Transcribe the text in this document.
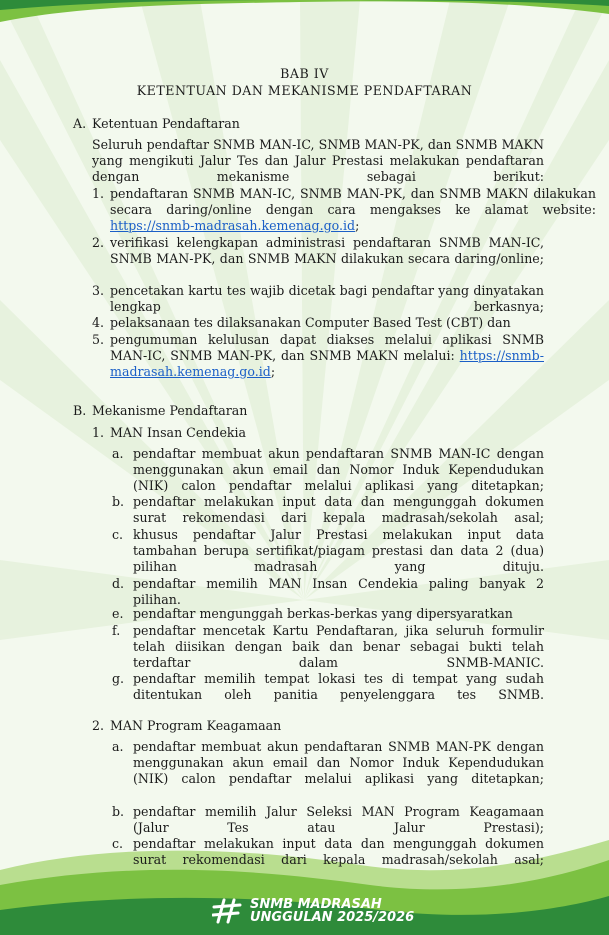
BAB IV
KETENTUAN DAN MEKANISME PENDAFTARAN
A. Ketentuan Pendaftaran
Seluruh pendaftar SNMB MAN-IC, SNMB MAN-PK, dan SNMB MAKN yang mengikuti Jalur Tes dan Jalur Prestasi melakukan pendaftaran dengan mekanisme sebagai berikut:
1. pendaftaran SNMB MAN-IC, SNMB MAN-PK, dan SNMB MAKN dilakukan secara daring/online dengan cara mengakses ke alamat website: https://snmb-madrasah.kemenag.go.id;
2. verifikasi kelengkapan administrasi pendaftaran SNMB MAN-IC, SNMB MAN-PK, dan SNMB MAKN dilakukan secara daring/online;
3. pencetakan kartu tes wajib dicetak bagi pendaftar yang dinyatakan lengkap berkasnya;
4. pelaksanaan tes dilaksanakan Computer Based Test (CBT) dan
5. pengumuman kelulusan dapat diakses melalui aplikasi SNMB MAN-IC, SNMB MAN-PK, dan SNMB MAKN melalui: https://snmb-madrasah.kemenag.go.id;
B. Mekanisme Pendaftaran
1. MAN Insan Cendekia
a. pendaftar membuat akun pendaftaran SNMB MAN-IC dengan menggunakan akun email dan Nomor Induk Kependudukan (NIK) calon pendaftar melalui aplikasi yang ditetapkan;
b. pendaftar melakukan input data dan mengunggah dokumen surat rekomendasi dari kepala madrasah/sekolah asal;
c. khusus pendaftar Jalur Prestasi melakukan input data tambahan berupa sertifikat/piagam prestasi dan data 2 (dua) pilihan madrasah yang dituju.
d. pendaftar memilih MAN Insan Cendekia paling banyak 2 pilihan.
e. pendaftar mengunggah berkas-berkas yang dipersyaratkan
f. pendaftar mencetak Kartu Pendaftaran, jika seluruh formulir telah diisikan dengan baik dan benar sebagai bukti telah terdaftar dalam SNMB-MANIC.
g. pendaftar memilih tempat lokasi tes di tempat yang sudah ditentukan oleh panitia penyelenggara tes SNMB.
2. MAN Program Keagamaan
a. pendaftar membuat akun pendaftaran SNMB MAN-PK dengan menggunakan akun email dan Nomor Induk Kependudukan (NIK) calon pendaftar melalui aplikasi yang ditetapkan;
b. pendaftar memilih Jalur Seleksi MAN Program Keagamaan (Jalur Tes atau Jalur Prestasi);
c. pendaftar melakukan input data dan mengunggah dokumen surat rekomendasi dari kepala madrasah/sekolah asal;
SNMB MADRASAH
UNGGULAN 2025/2026
